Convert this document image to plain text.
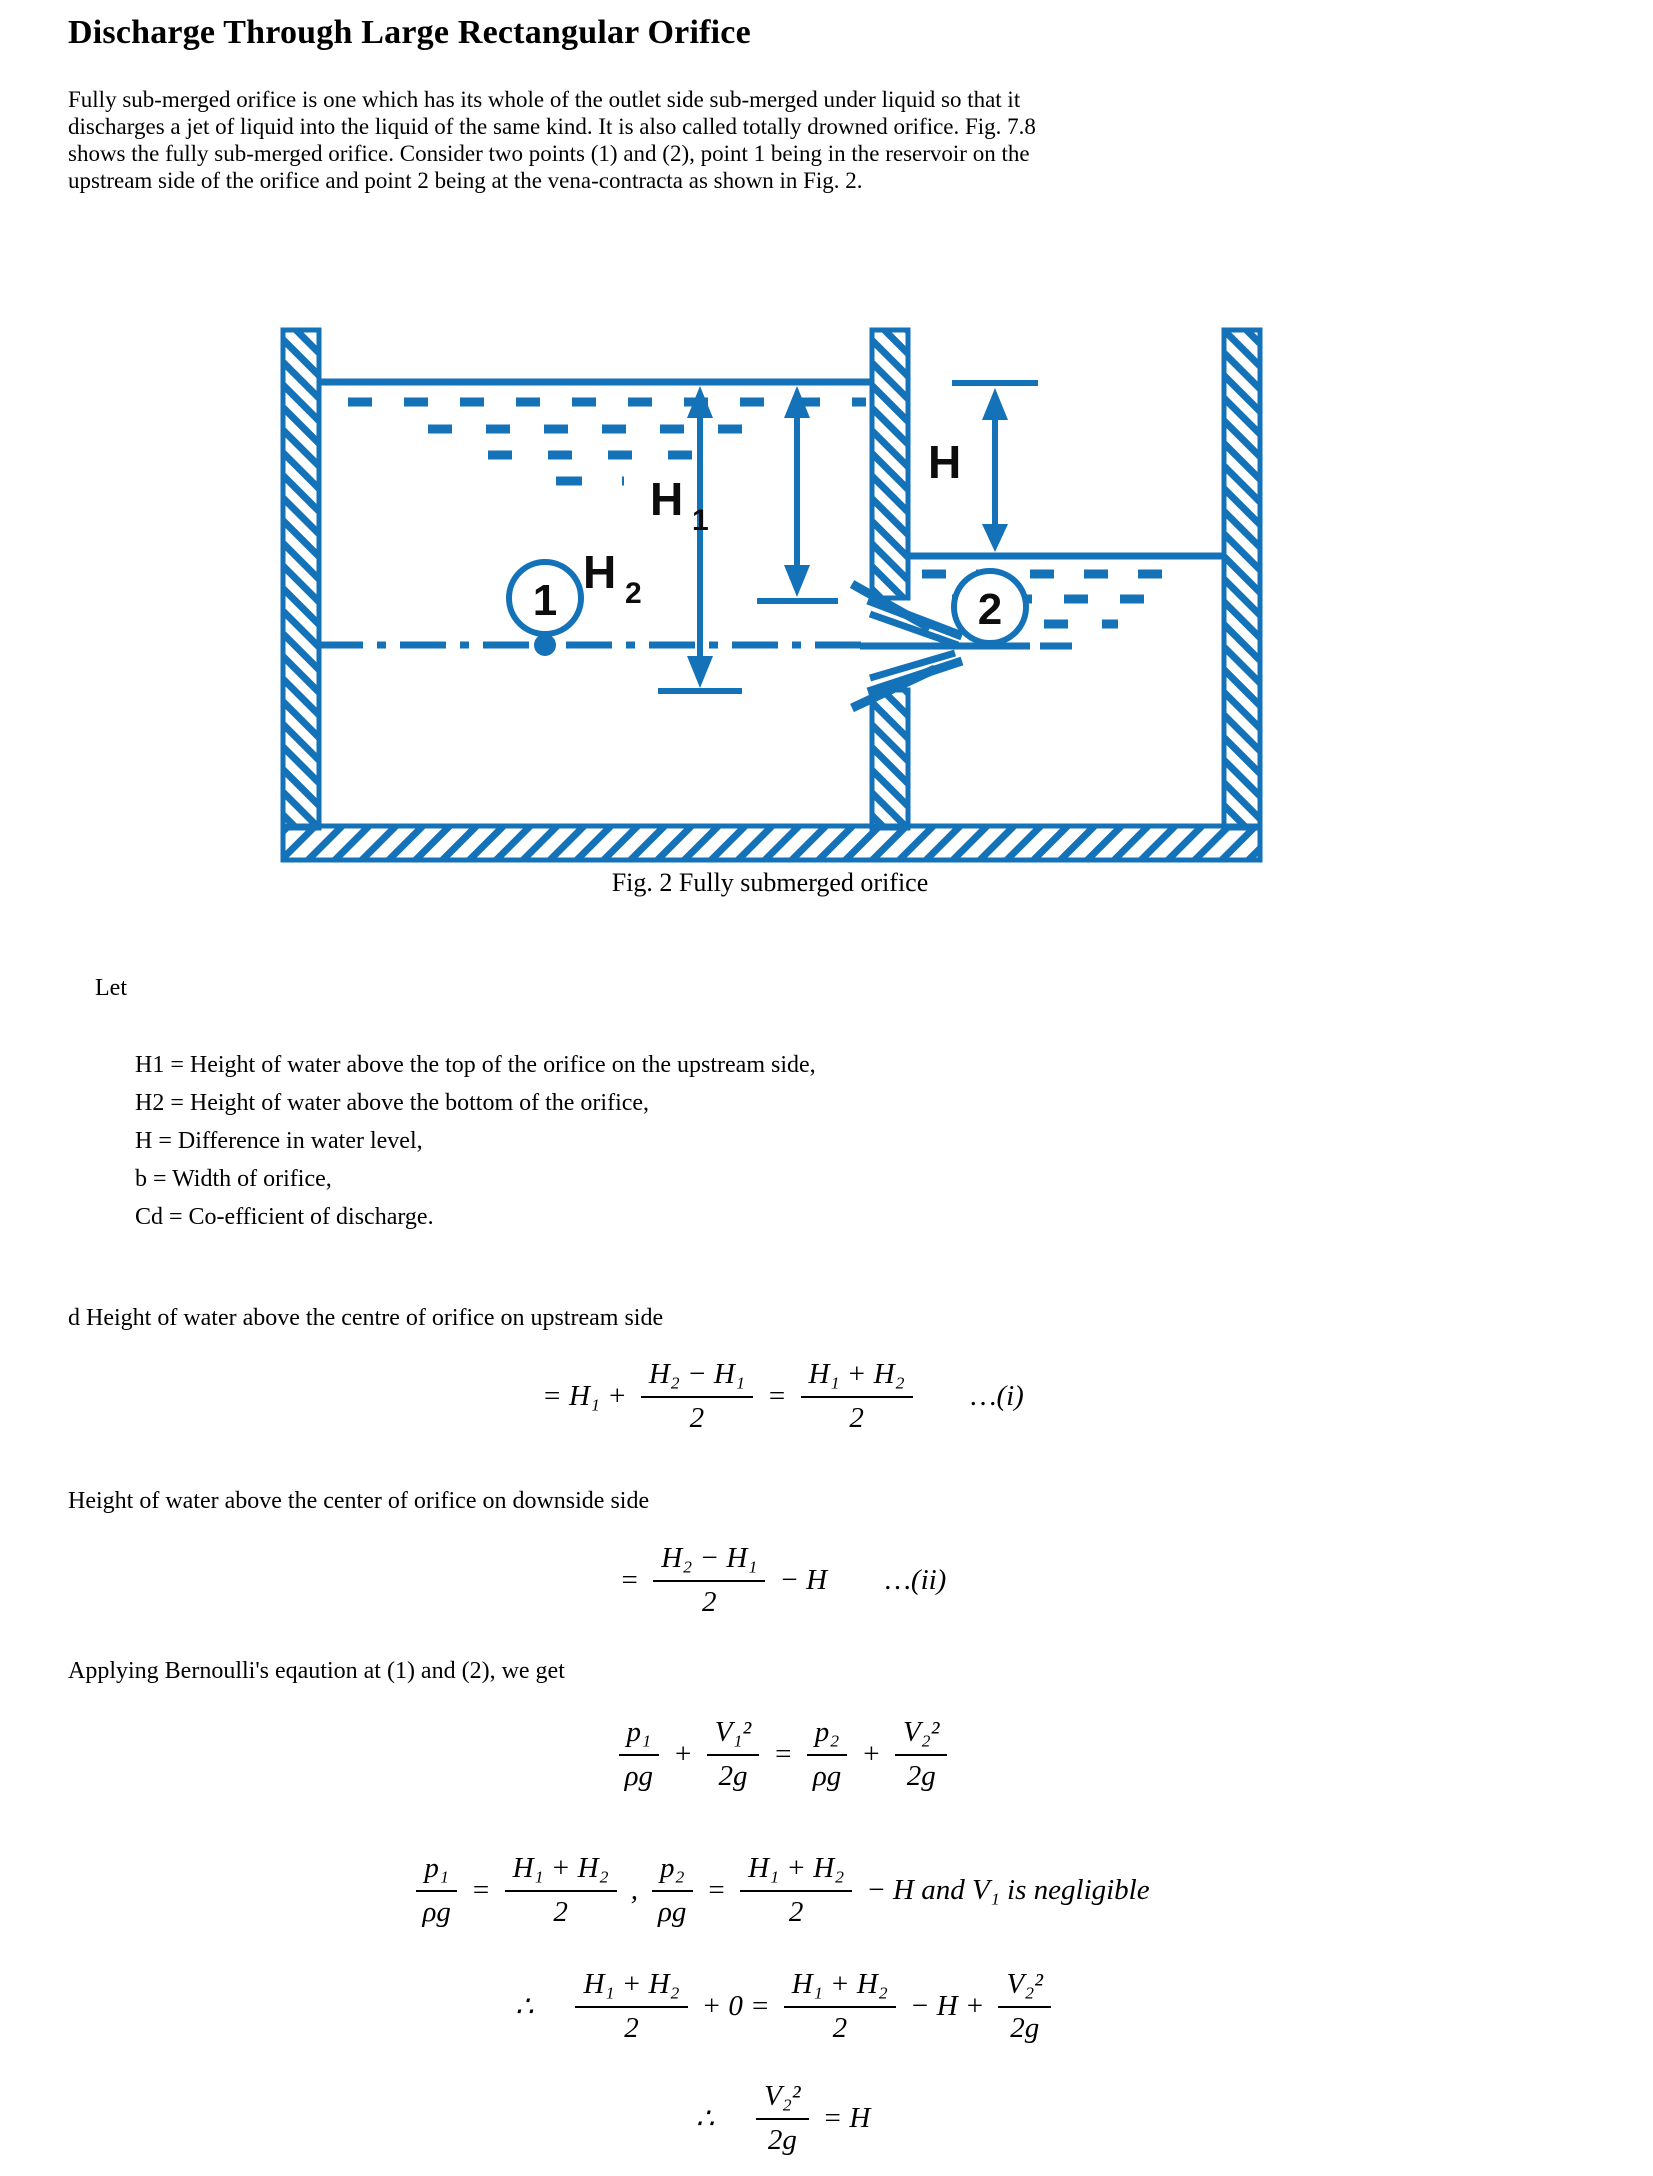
Discharge Through Large Rectangular Orifice

Fully sub-merged orifice is one which has its whole of the outlet side sub-merged under liquid so that it discharges a jet of liquid into the liquid of the same kind. It is also called totally drowned orifice. Fig. 7.8 shows the fully sub-merged orifice. Consider two points (1) and (2), point 1 being in the reservoir on the upstream side of the orifice and point 2 being at the vena-contracta as shown in Fig. 2.

H 1
H 2
H
1	2
Fig. 2 Fully submerged orifice
Let
H1 = Height of water above the top of the orifice on the upstream side,
H2 = Height of water above the bottom of the orifice,
H = Difference in water level,
b = Width of orifice,
Cd = Co-efficient of discharge.
d Height of water above the centre of orifice on upstream side
= $H_1 + \frac{\text{H₂ − H₁}}{2} = \frac{\text{H₁ + H₂}}{2}$ …(i)
Height of water above the center of orifice on downside side
= $\frac{\text{H₂ − H₁}}{2} - H$ …(ii)
Applying Bernoulli's eqaution at (1) and (2), we get
$\frac{\text{p₁}}{\rho g} + \frac{\text{V₁²}}{2g} = \frac{\text{p₂}}{\rho g} + \frac{\text{V₂²}}{2g}$
$\frac{\text{p₁}}{\rho g} = \frac{\text{H₁ + H₂}}{2}$ , $\frac{\text{p₂}}{\rho g} = \frac{\text{H₁ + H₂}}{2} - H$ and V₁ is negligible
∴ $\frac{\text{H₁ + H₂}}{2} + 0 = \frac{\text{H₁ + H₂}}{2} - H + \frac{\text{V₂²}}{2g}$
∴ $\frac{\text{V₂²}}{2g} = H$
